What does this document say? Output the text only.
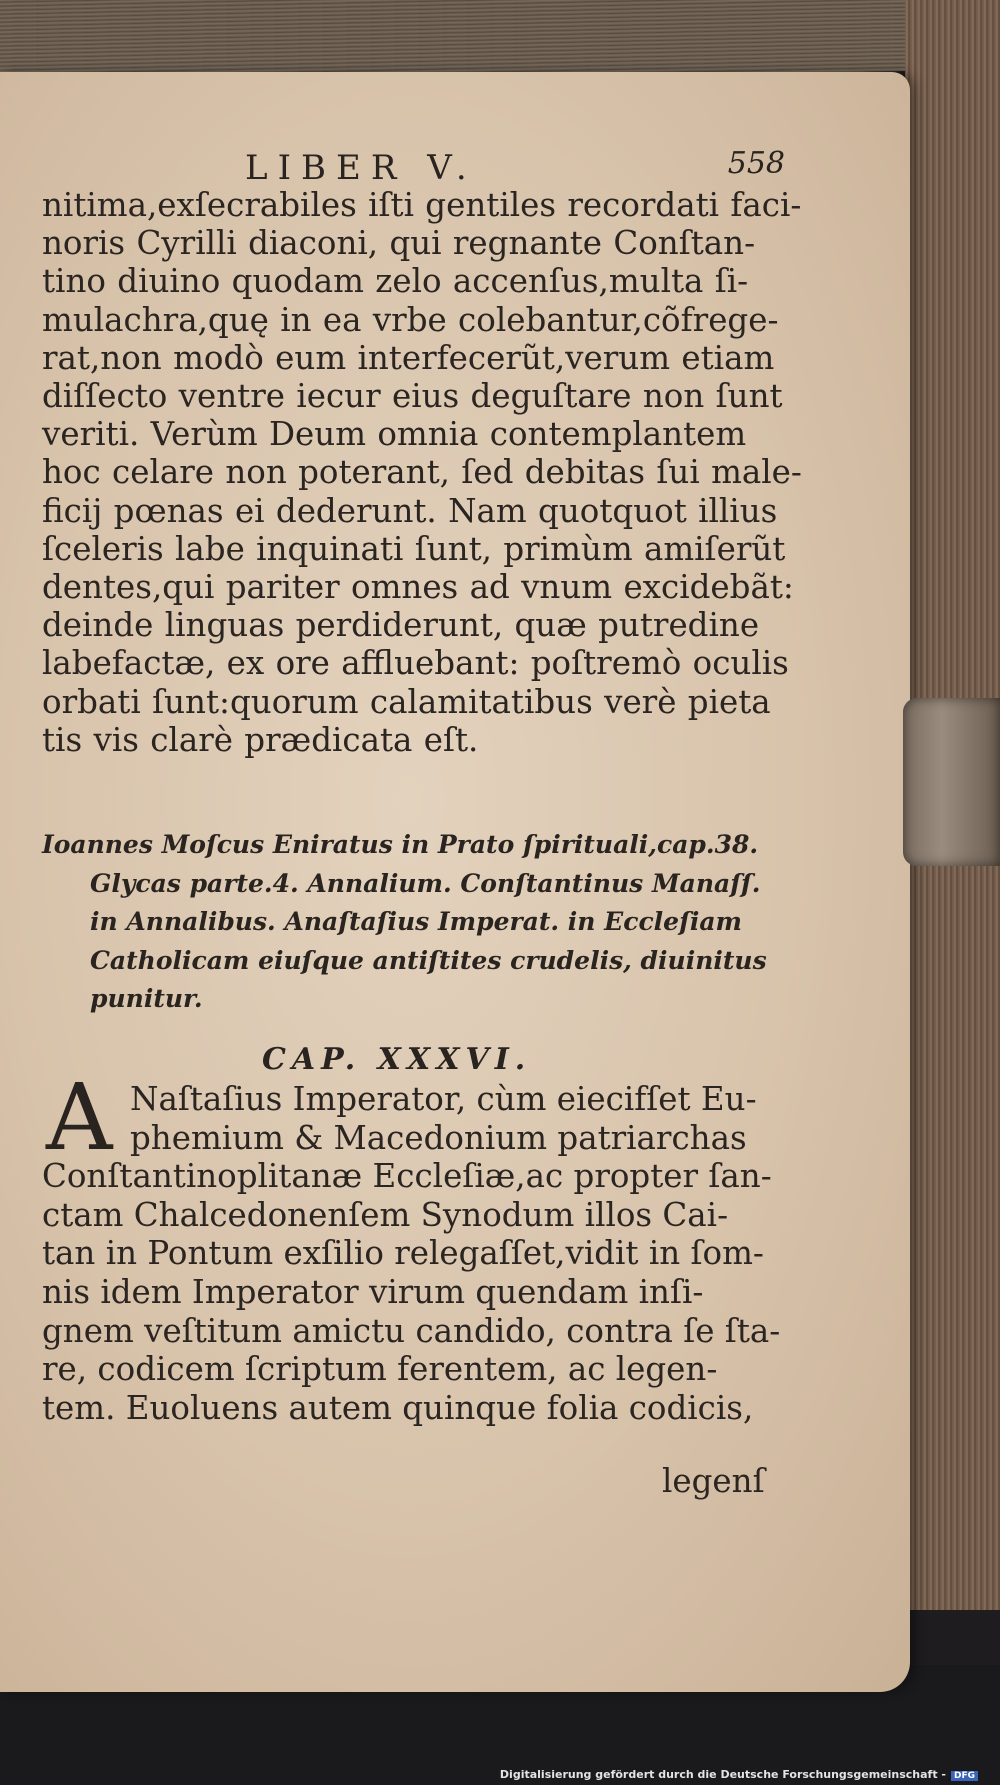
LIBER V.	558
nitima,exſecrabiles iſti gentiles recordati faci-
noris Cyrilli diaconi, qui regnante Conſtan-
tino diuino quodam zelo accenſus,multa ſi-
mulachra,quę in ea vrbe colebantur,cõfrege-
rat,non modò eum interfecerũt,verum etiam
diſſecto ventre iecur eius deguſtare non ſunt
veriti. Verùm Deum omnia contemplantem
hoc celare non poterant, ſed debitas ſui male-
ficij pœnas ei dederunt. Nam quotquot illius
ſceleris labe inquinati ſunt, primùm amiſerũt
dentes,qui pariter omnes ad vnum excidebãt:
deinde linguas perdiderunt, quæ putredine
labefactæ, ex ore affluebant: poſtremò oculis
orbati ſunt:quorum calamitatibus verè pieta
tis vis clarè prædicata eſt.
Ioannes Moſcus Eniratus in Prato ſpirituali,cap.38.
Glycas parte.4. Annalium. Conſtantinus Manaſſ.
in Annalibus. Anaſtaſius Imperat. in Eccleſiam
Catholicam eiuſque antiſtites crudelis, diuinitus
punitur.
CAP. XXXVI.
A Naſtaſius Imperator, cùm eiecifſet Eu-
phemium & Macedonium patriarchas
Conſtantinoplitanæ Eccleſiæ,ac propter ſan-
ctam Chalcedonenſem Synodum illos Cai-
tan in Pontum exſilio relegaſſet,vidit in ſom-
nis idem Imperator virum quendam inſi-
gnem veſtitum amictu candido, contra ſe ſta-
re, codicem ſcriptum ferentem, ac legen-
tem. Euoluens autem quinque folia codicis,
legenſ
Digitalisierung gefördert durch die Deutsche Forschungsgemeinschaft - DFG
